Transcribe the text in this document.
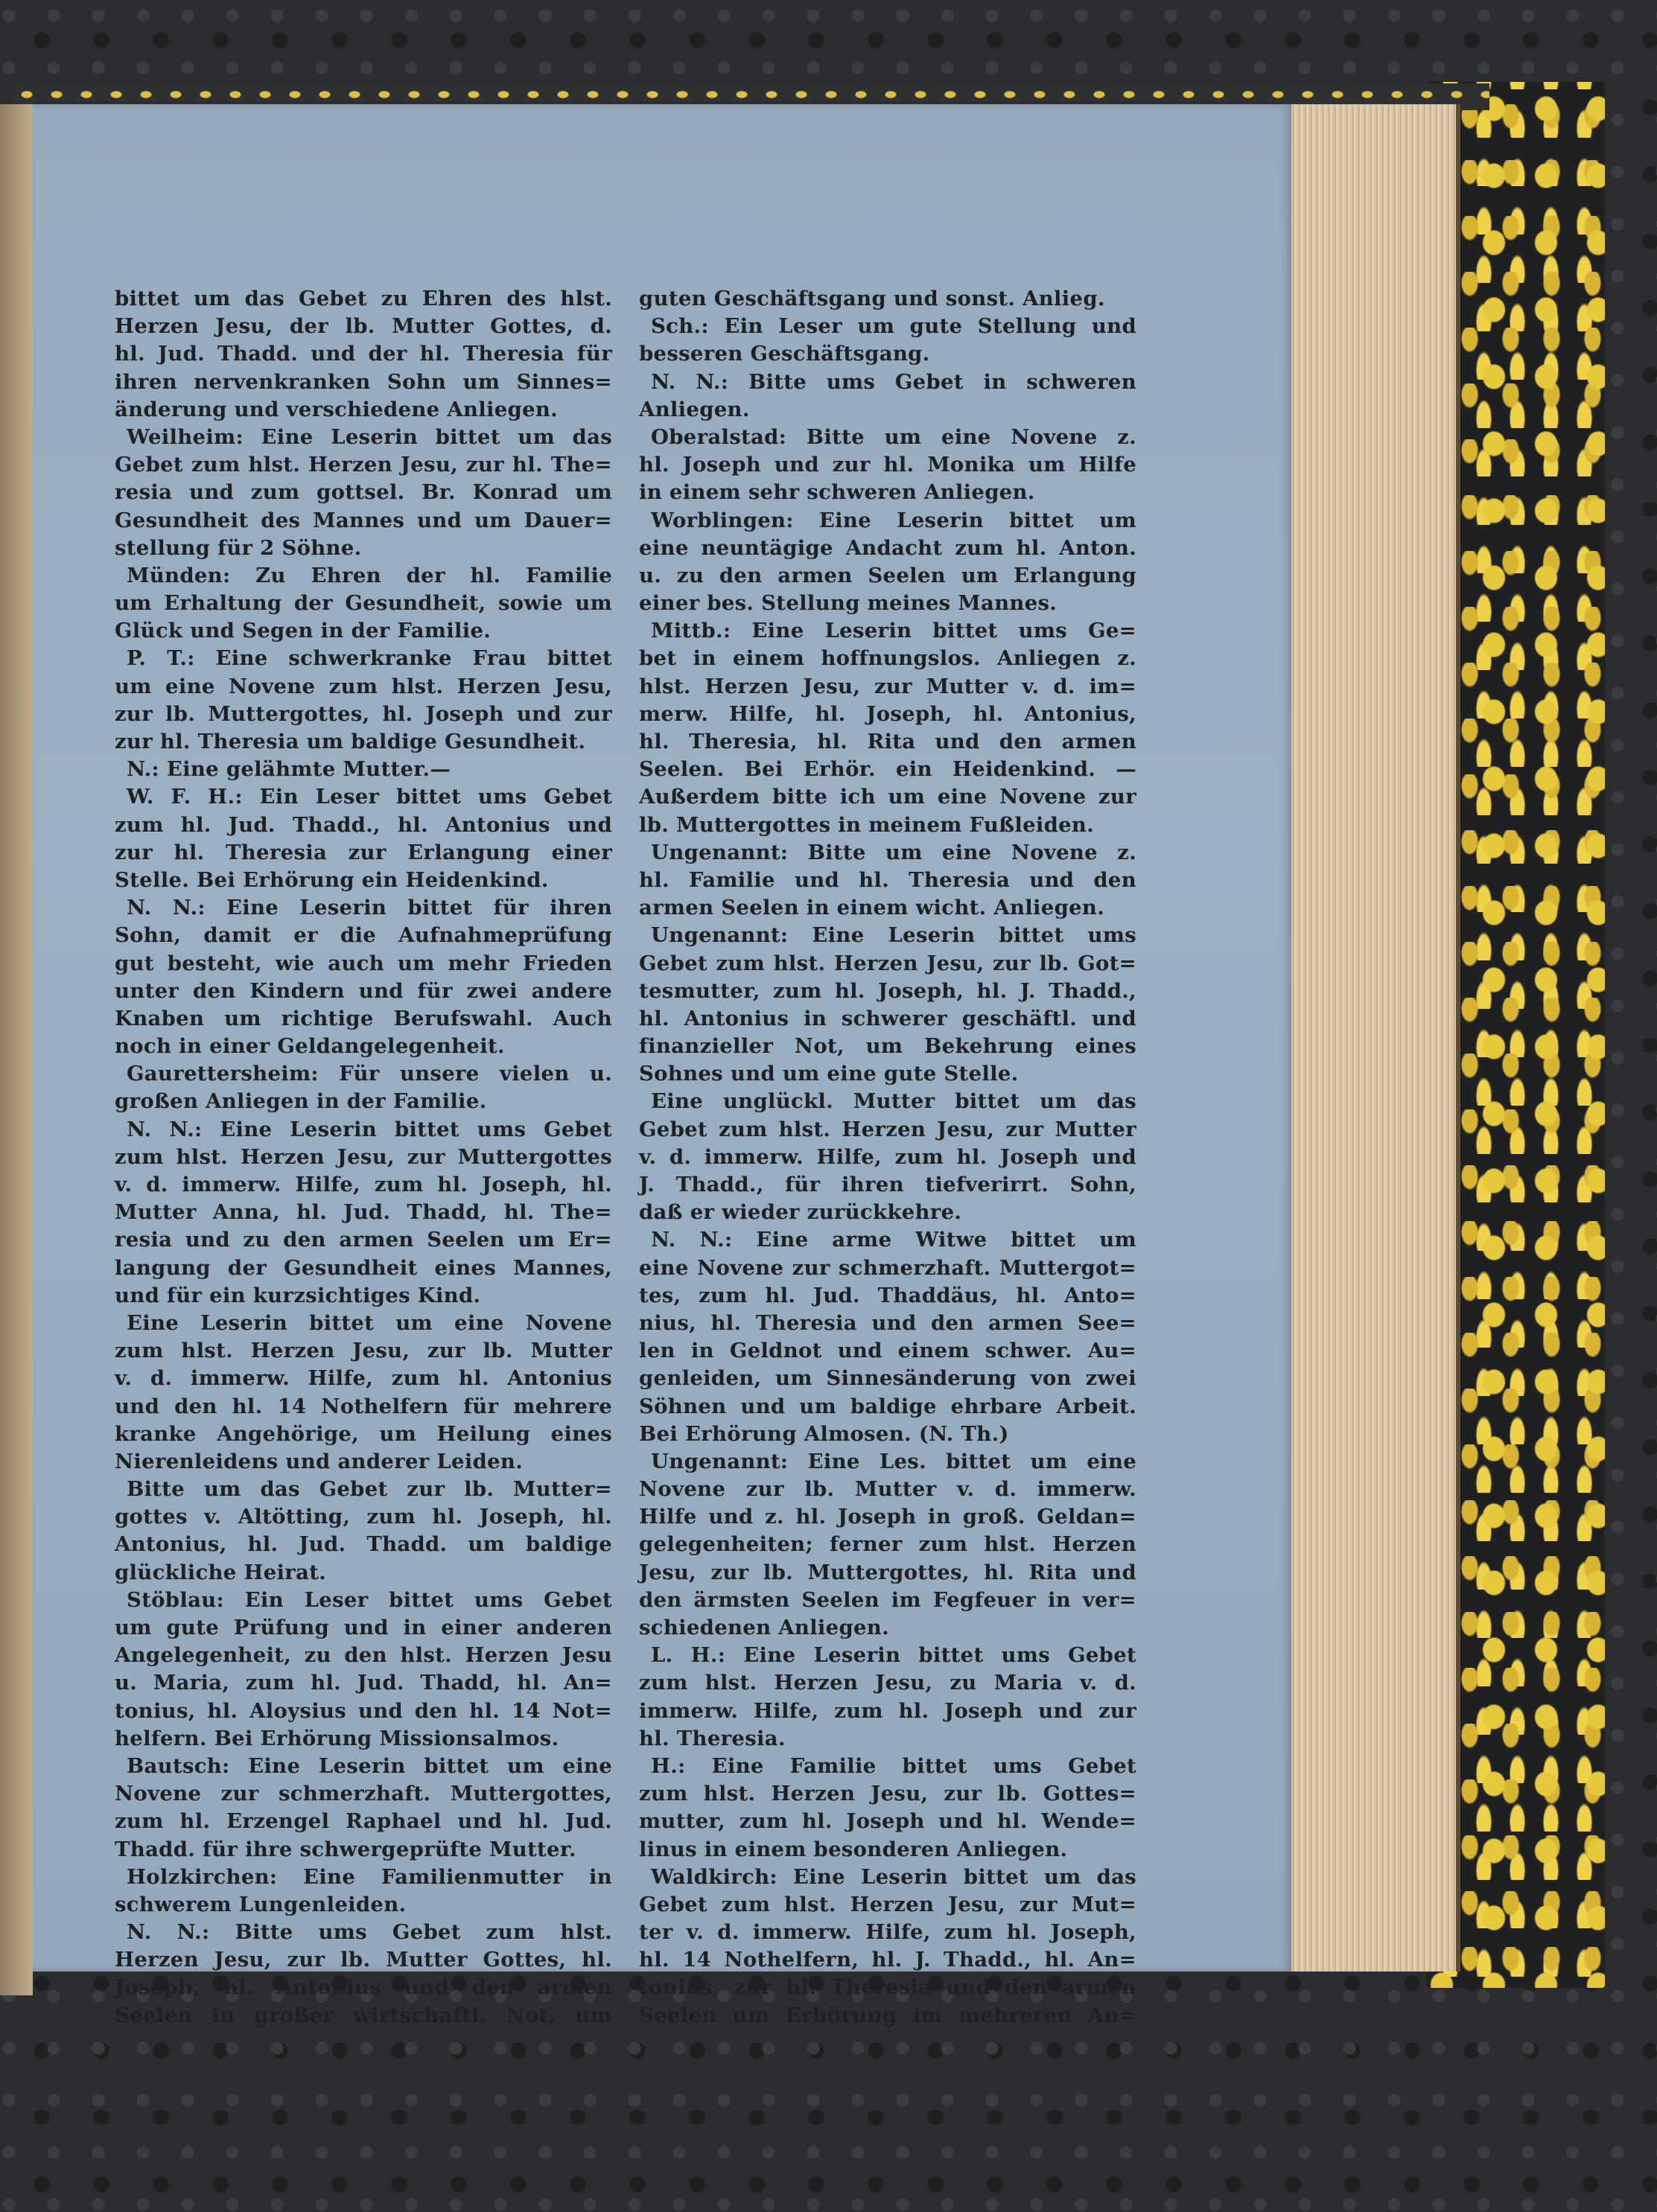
bittet um das Gebet zu Ehren des hlst.
Herzen Jesu, der lb. Mutter Gottes, d.
hl. Jud. Thadd. und der hl. Theresia für
ihren nervenkranken Sohn um Sinnes=
änderung und verschiedene Anliegen.
Weilheim: Eine Leserin bittet um das
Gebet zum hlst. Herzen Jesu, zur hl. The=
resia und zum gottsel. Br. Konrad um
Gesundheit des Mannes und um Dauer=
stellung für 2 Söhne.
Münden: Zu Ehren der hl. Familie
um Erhaltung der Gesundheit, sowie um
Glück und Segen in der Familie.
P. T.: Eine schwerkranke Frau bittet
um eine Novene zum hlst. Herzen Jesu,
zur lb. Muttergottes, hl. Joseph und zur
zur hl. Theresia um baldige Gesundheit.
N.: Eine gelähmte Mutter.—
W. F. H.: Ein Leser bittet ums Gebet
zum hl. Jud. Thadd., hl. Antonius und
zur hl. Theresia zur Erlangung einer
Stelle. Bei Erhörung ein Heidenkind.
N. N.: Eine Leserin bittet für ihren
Sohn, damit er die Aufnahmeprüfung
gut besteht, wie auch um mehr Frieden
unter den Kindern und für zwei andere
Knaben um richtige Berufswahl. Auch
noch in einer Geldangelegenheit.
Gaurettersheim: Für unsere vielen u.
großen Anliegen in der Familie.
N. N.: Eine Leserin bittet ums Gebet
zum hlst. Herzen Jesu, zur Muttergottes
v. d. immerw. Hilfe, zum hl. Joseph, hl.
Mutter Anna, hl. Jud. Thadd, hl. The=
resia und zu den armen Seelen um Er=
langung der Gesundheit eines Mannes,
und für ein kurzsichtiges Kind.
Eine Leserin bittet um eine Novene
zum hlst. Herzen Jesu, zur lb. Mutter
v. d. immerw. Hilfe, zum hl. Antonius
und den hl. 14 Nothelfern für mehrere
kranke Angehörige, um Heilung eines
Nierenleidens und anderer Leiden.
Bitte um das Gebet zur lb. Mutter=
gottes v. Altötting, zum hl. Joseph, hl.
Antonius, hl. Jud. Thadd. um baldige
glückliche Heirat.
Stöblau: Ein Leser bittet ums Gebet
um gute Prüfung und in einer anderen
Angelegenheit, zu den hlst. Herzen Jesu
u. Maria, zum hl. Jud. Thadd, hl. An=
tonius, hl. Aloysius und den hl. 14 Not=
helfern. Bei Erhörung Missionsalmos.
Bautsch: Eine Leserin bittet um eine
Novene zur schmerzhaft. Muttergottes,
zum hl. Erzengel Raphael und hl. Jud.
Thadd. für ihre schwergeprüfte Mutter.
Holzkirchen: Eine Familienmutter in
schwerem Lungenleiden.
N. N.: Bitte ums Gebet zum hlst.
Herzen Jesu, zur lb. Mutter Gottes, hl.
Joseph, hl. Antonius und den armen
Seelen in großer wirtschaftl. Not, um
guten Geschäftsgang und sonst. Anlieg.
Sch.: Ein Leser um gute Stellung und
besseren Geschäftsgang.
N. N.: Bitte ums Gebet in schweren
Anliegen.
Oberalstad: Bitte um eine Novene z.
hl. Joseph und zur hl. Monika um Hilfe
in einem sehr schweren Anliegen.
Worblingen: Eine Leserin bittet um
eine neuntägige Andacht zum hl. Anton.
u. zu den armen Seelen um Erlangung
einer bes. Stellung meines Mannes.
Mittb.: Eine Leserin bittet ums Ge=
bet in einem hoffnungslos. Anliegen z.
hlst. Herzen Jesu, zur Mutter v. d. im=
merw. Hilfe, hl. Joseph, hl. Antonius,
hl. Theresia, hl. Rita und den armen
Seelen. Bei Erhör. ein Heidenkind. —
Außerdem bitte ich um eine Novene zur
lb. Muttergottes in meinem Fußleiden.
Ungenannt: Bitte um eine Novene z.
hl. Familie und hl. Theresia und den
armen Seelen in einem wicht. Anliegen.
Ungenannt: Eine Leserin bittet ums
Gebet zum hlst. Herzen Jesu, zur lb. Got=
tesmutter, zum hl. Joseph, hl. J. Thadd.,
hl. Antonius in schwerer geschäftl. und
finanzieller Not, um Bekehrung eines
Sohnes und um eine gute Stelle.
Eine unglückl. Mutter bittet um das
Gebet zum hlst. Herzen Jesu, zur Mutter
v. d. immerw. Hilfe, zum hl. Joseph und
J. Thadd., für ihren tiefverirrt. Sohn,
daß er wieder zurückkehre.
N. N.: Eine arme Witwe bittet um
eine Novene zur schmerzhaft. Muttergot=
tes, zum hl. Jud. Thaddäus, hl. Anto=
nius, hl. Theresia und den armen See=
len in Geldnot und einem schwer. Au=
genleiden, um Sinnesänderung von zwei
Söhnen und um baldige ehrbare Arbeit.
Bei Erhörung Almosen. (N. Th.)
Ungenannt: Eine Les. bittet um eine
Novene zur lb. Mutter v. d. immerw.
Hilfe und z. hl. Joseph in groß. Geldan=
gelegenheiten; ferner zum hlst. Herzen
Jesu, zur lb. Muttergottes, hl. Rita und
den ärmsten Seelen im Fegfeuer in ver=
schiedenen Anliegen.
L. H.: Eine Leserin bittet ums Gebet
zum hlst. Herzen Jesu, zu Maria v. d.
immerw. Hilfe, zum hl. Joseph und zur
hl. Theresia.
H.: Eine Familie bittet ums Gebet
zum hlst. Herzen Jesu, zur lb. Gottes=
mutter, zum hl. Joseph und hl. Wende=
linus in einem besonderen Anliegen.
Waldkirch: Eine Leserin bittet um das
Gebet zum hlst. Herzen Jesu, zur Mut=
ter v. d. immerw. Hilfe, zum hl. Joseph,
hl. 14 Nothelfern, hl. J. Thadd., hl. An=
tonius, zur hl. Theresia und den armen
Seelen um Erhörung im mehreren An=
